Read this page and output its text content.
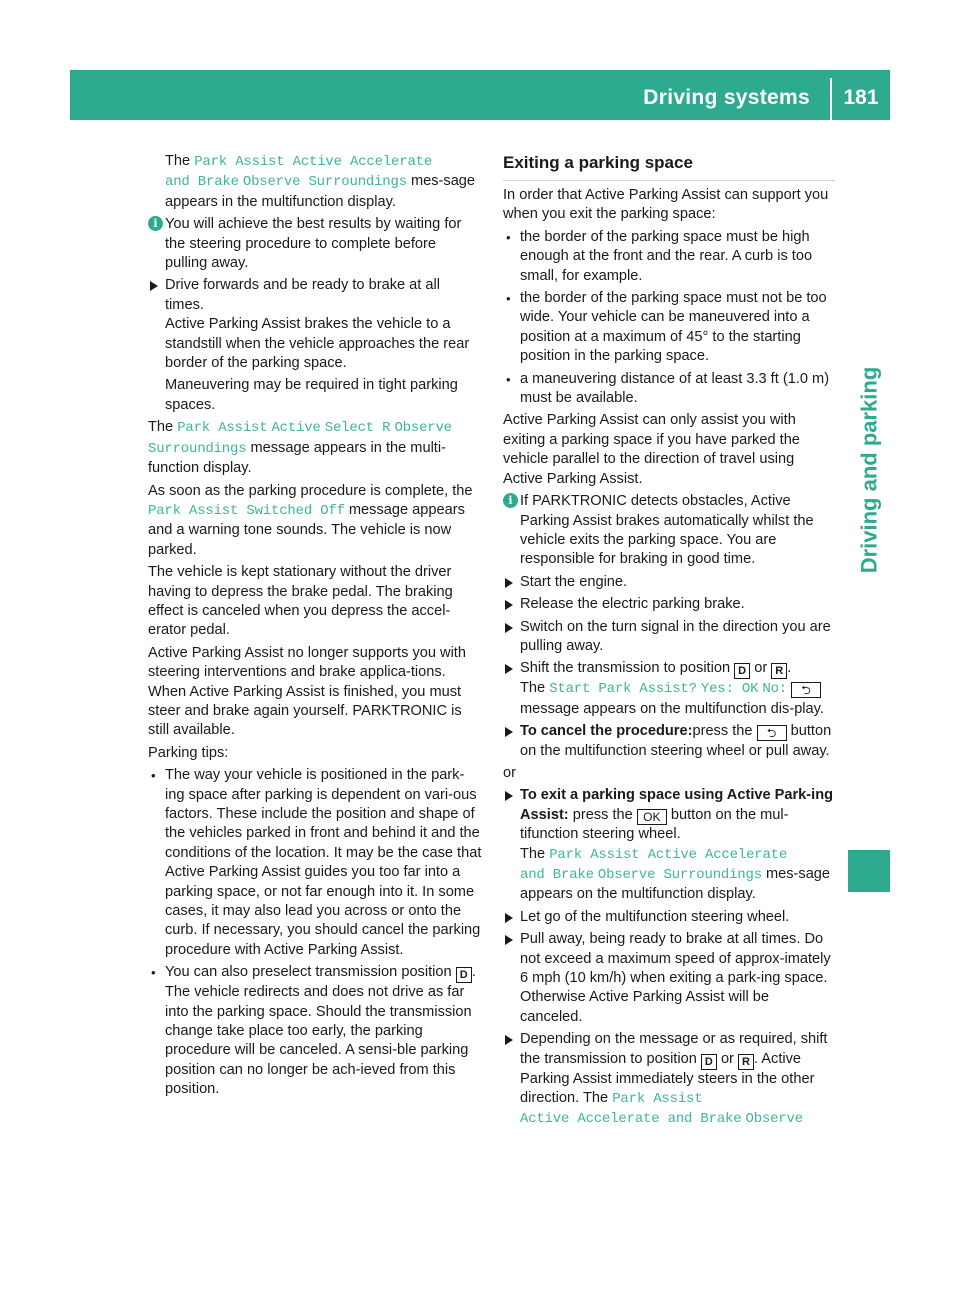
Driving systems	181
Driving and parking

The Park Assist Active Accelerate
and Brake Observe Surroundings mes-sage appears in the multifunction display.

i You will achieve the best results by waiting for the steering procedure to complete before pulling away.

Drive forwards and be ready to brake at all times.
Active Parking Assist brakes the vehicle to a standstill when the vehicle approaches the rear border of the parking space.

Maneuvering may be required in tight parking spaces.

The Park Assist Active Select R Observe
Surroundings message appears in the multi-function display.

As soon as the parking procedure is complete, the Park Assist Switched Off message appears and a warning tone sounds. The vehicle is now parked.

The vehicle is kept stationary without the driver having to depress the brake pedal. The braking effect is canceled when you depress the accel-erator pedal.

Active Parking Assist no longer supports you with steering interventions and brake applica-tions. When Active Parking Assist is finished, you must steer and brake again yourself. PARKTRONIC is still available.

Parking tips:

• The way your vehicle is positioned in the park-ing space after parking is dependent on vari-ous factors. These include the position and shape of the vehicles parked in front and behind it and the conditions of the location. It may be the case that Active Parking Assist guides you too far into a parking space, or not far enough into it. In some cases, it may also lead you across or onto the curb. If necessary, you should cancel the parking procedure with Active Parking Assist.

• You can also preselect transmission position D . The vehicle redirects and does not drive as far into the parking space. Should the transmission change take place too early, the parking procedure will be canceled. A sensi-ble parking position can no longer be ach-ieved from this position.

Exiting a parking space

In order that Active Parking Assist can support you when you exit the parking space:

• the border of the parking space must be high enough at the front and the rear. A curb is too small, for example.

• the border of the parking space must not be too wide. Your vehicle can be maneuvered into a position at a maximum of 45° to the starting position in the parking space.

• a maneuvering distance of at least 3.3 ft (1.0 m) must be available.

Active Parking Assist can only assist you with exiting a parking space if you have parked the vehicle parallel to the direction of travel using Active Parking Assist.

i If PARKTRONIC detects obstacles, Active Parking Assist brakes automatically whilst the vehicle exits the parking space. You are responsible for braking in good time.

Start the engine.

Release the electric parking brake.

Switch on the turn signal in the direction you are pulling away.

Shift the transmission to position D or R .
The Start Park Assist? Yes: OK No: ⮌
message appears on the multifunction dis-play.

To cancel the procedure:press the ⮌ button on the multifunction steering wheel or pull away.

or

To exit a parking space using Active Park-ing Assist: press the OK button on the mul-tifunction steering wheel.
The Park Assist Active Accelerate
and Brake Observe Surroundings mes-sage appears on the multifunction display.

Let go of the multifunction steering wheel.

Pull away, being ready to brake at all times. Do not exceed a maximum speed of approx-imately 6 mph (10 km/h) when exiting a park-ing space. Otherwise Active Parking Assist will be canceled.

Depending on the message or as required, shift the transmission to position D or R . Active Parking Assist immediately steers in the other direction. The Park Assist
Active Accelerate and Brake Observe
